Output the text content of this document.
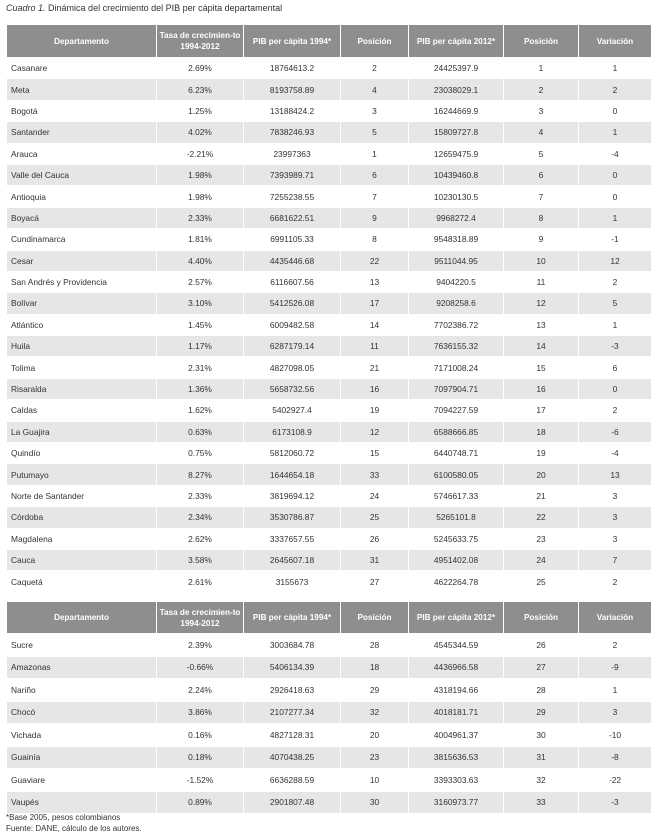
Cuadro 1. Dinámica del crecimiento del PIB per cápita departamental
Departamento	Tasa de crecimien-to 1994-2012	PIB per cápita 1994*	Posición	PIB per cápita 2012*	Posición	Variación
Casanare	2.69%	18764613.2	2	24425397.9	1	1
Meta	6.23%	8193758.89	4	23038029.1	2	2
Bogotá	1.25%	13188424.2	3	16244669.9	3	0
Santander	4.02%	7838246.93	5	15809727.8	4	1
Arauca	-2.21%	23997363	1	12659475.9	5	-4
Valle del Cauca	1.98%	7393989.71	6	10439460.8	6	0
Antioquia	1.98%	7255238.55	7	10230130.5	7	0
Boyacá	2.33%	6681622.51	9	9968272.4	8	1
Cundinamarca	1.81%	6991105.33	8	9548318.89	9	-1
Cesar	4.40%	4435446.68	22	9511044.95	10	12
San Andrés y Providencia	2.57%	6116607.56	13	9404220.5	11	2
Bolívar	3.10%	5412526.08	17	9208258.6	12	5
Atlántico	1.45%	6009482.58	14	7702386.72	13	1
Huila	1.17%	6287179.14	11	7636155.32	14	-3
Tolima	2.31%	4827098.05	21	7171008.24	15	6
Risaralda	1.36%	5658732.56	16	7097904.71	16	0
Caldas	1.62%	5402927.4	19	7094227.59	17	2
La Guajira	0.63%	6173108.9	12	6588666.85	18	-6
Quindío	0.75%	5812060.72	15	6440748.71	19	-4
Putumayo	8.27%	1644654.18	33	6100580.05	20	13
Norte de Santander	2.33%	3819694.12	24	5746617.33	21	3
Córdoba	2.34%	3530786.87	25	5265101.8	22	3
Magdalena	2.62%	3337657.55	26	5245633.75	23	3
Cauca	3.58%	2645607.18	31	4951402.08	24	7
Caquetá	2.61%	3155673	27	4622264.78	25	2
Departamento	Tasa de crecimien-to 1994-2012	PIB per cápita 1994*	Posición	PIB per cápita 2012*	Posición	Variación
Sucre	2.39%	3003684.78	28	4545344.59	26	2
Amazonas	-0.66%	5406134.39	18	4436966.58	27	-9
Nariño	2.24%	2926418.63	29	4318194.66	28	1
Chocó	3.86%	2107277.34	32	4018181.71	29	3
Vichada	0.16%	4827128.31	20	4004961.37	30	-10
Guainía	0.18%	4070438.25	23	3815636.53	31	-8
Guaviare	-1.52%	6636288.59	10	3393303.63	32	-22
Vaupés	0.89%	2901807.48	30	3160973.77	33	-3
*Base 2005, pesos colombianos
Fuente: DANE, cálculo de los autores.
